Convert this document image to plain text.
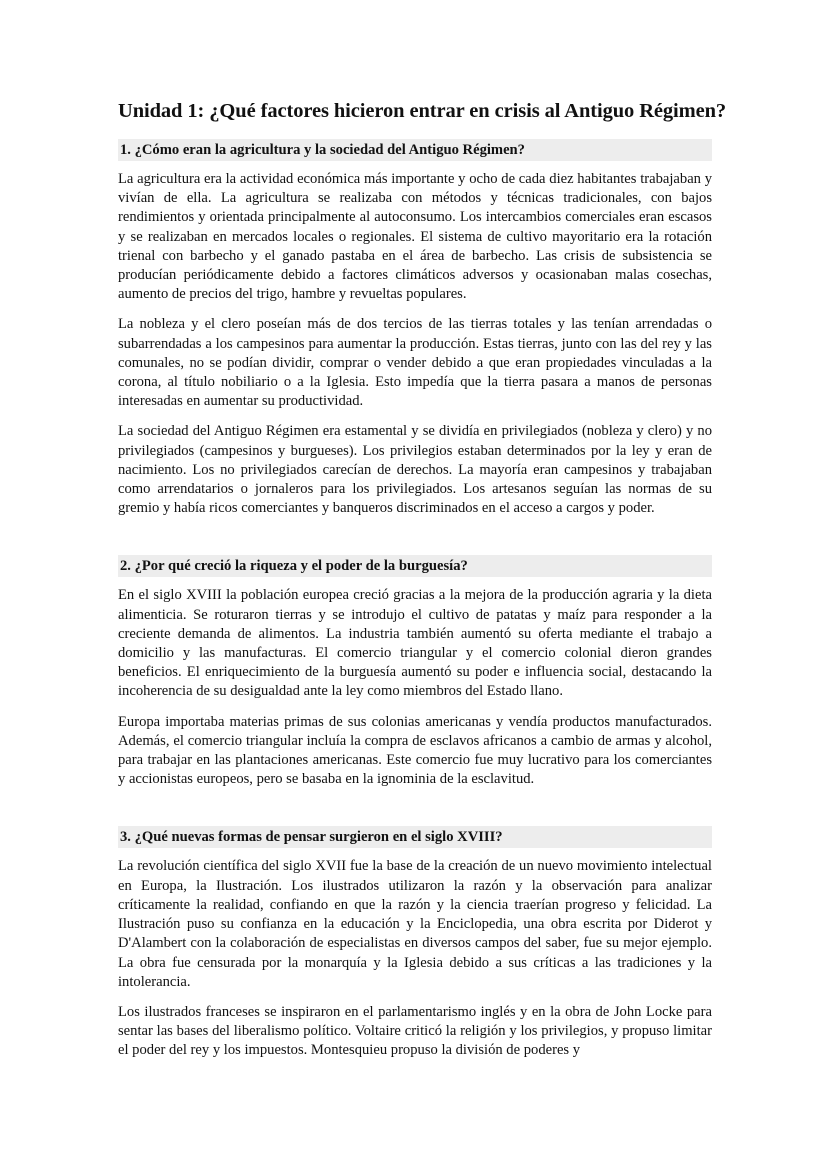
Unidad 1: ¿Qué factores hicieron entrar en crisis al Antiguo Régimen?
1. ¿Cómo eran la agricultura y la sociedad del Antiguo Régimen?

La agricultura era la actividad económica más importante y ocho de cada diez habitantes trabajaban y vivían de ella. La agricultura se realizaba con métodos y técnicas tradicionales, con bajos rendimientos y orientada principalmente al autoconsumo. Los intercambios comerciales eran escasos y se realizaban en mercados locales o regionales. El sistema de cultivo mayoritario era la rotación trienal con barbecho y el ganado pastaba en el área de barbecho. Las crisis de subsistencia se producían periódicamente debido a factores climáticos adversos y ocasionaban malas cosechas, aumento de precios del trigo, hambre y revueltas populares.

La nobleza y el clero poseían más de dos tercios de las tierras totales y las tenían arrendadas o subarrendadas a los campesinos para aumentar la producción. Estas tierras, junto con las del rey y las comunales, no se podían dividir, comprar o vender debido a que eran propiedades vinculadas a la corona, al título nobiliario o a la Iglesia. Esto impedía que la tierra pasara a manos de personas interesadas en aumentar su productividad.

La sociedad del Antiguo Régimen era estamental y se dividía en privilegiados (nobleza y clero) y no privilegiados (campesinos y burgueses). Los privilegios estaban determinados por la ley y eran de nacimiento. Los no privilegiados carecían de derechos. La mayoría eran campesinos y trabajaban como arrendatarios o jornaleros para los privilegiados. Los artesanos seguían las normas de su gremio y había ricos comerciantes y banqueros discriminados en el acceso a cargos y poder.

2. ¿Por qué creció la riqueza y el poder de la burguesía?

En el siglo XVIII la población europea creció gracias a la mejora de la producción agraria y la dieta alimenticia. Se roturaron tierras y se introdujo el cultivo de patatas y maíz para responder a la creciente demanda de alimentos. La industria también aumentó su oferta mediante el trabajo a domicilio y las manufacturas. El comercio triangular y el comercio colonial dieron grandes beneficios. El enriquecimiento de la burguesía aumentó su poder e influencia social, destacando la incoherencia de su desigualdad ante la ley como miembros del Estado llano.

Europa importaba materias primas de sus colonias americanas y vendía productos manufacturados. Además, el comercio triangular incluía la compra de esclavos africanos a cambio de armas y alcohol, para trabajar en las plantaciones americanas. Este comercio fue muy lucrativo para los comerciantes y accionistas europeos, pero se basaba en la ignominia de la esclavitud.

3. ¿Qué nuevas formas de pensar surgieron en el siglo XVIII?

La revolución científica del siglo XVII fue la base de la creación de un nuevo movimiento intelectual en Europa, la Ilustración. Los ilustrados utilizaron la razón y la observación para analizar críticamente la realidad, confiando en que la razón y la ciencia traerían progreso y felicidad. La Ilustración puso su confianza en la educación y la Enciclopedia, una obra escrita por Diderot y D'Alambert con la colaboración de especialistas en diversos campos del saber, fue su mejor ejemplo. La obra fue censurada por la monarquía y la Iglesia debido a sus críticas a las tradiciones y la intolerancia.

Los ilustrados franceses se inspiraron en el parlamentarismo inglés y en la obra de John Locke para sentar las bases del liberalismo político. Voltaire criticó la religión y los privilegios, y propuso limitar el poder del rey y los impuestos. Montesquieu propuso la división de poderes y
